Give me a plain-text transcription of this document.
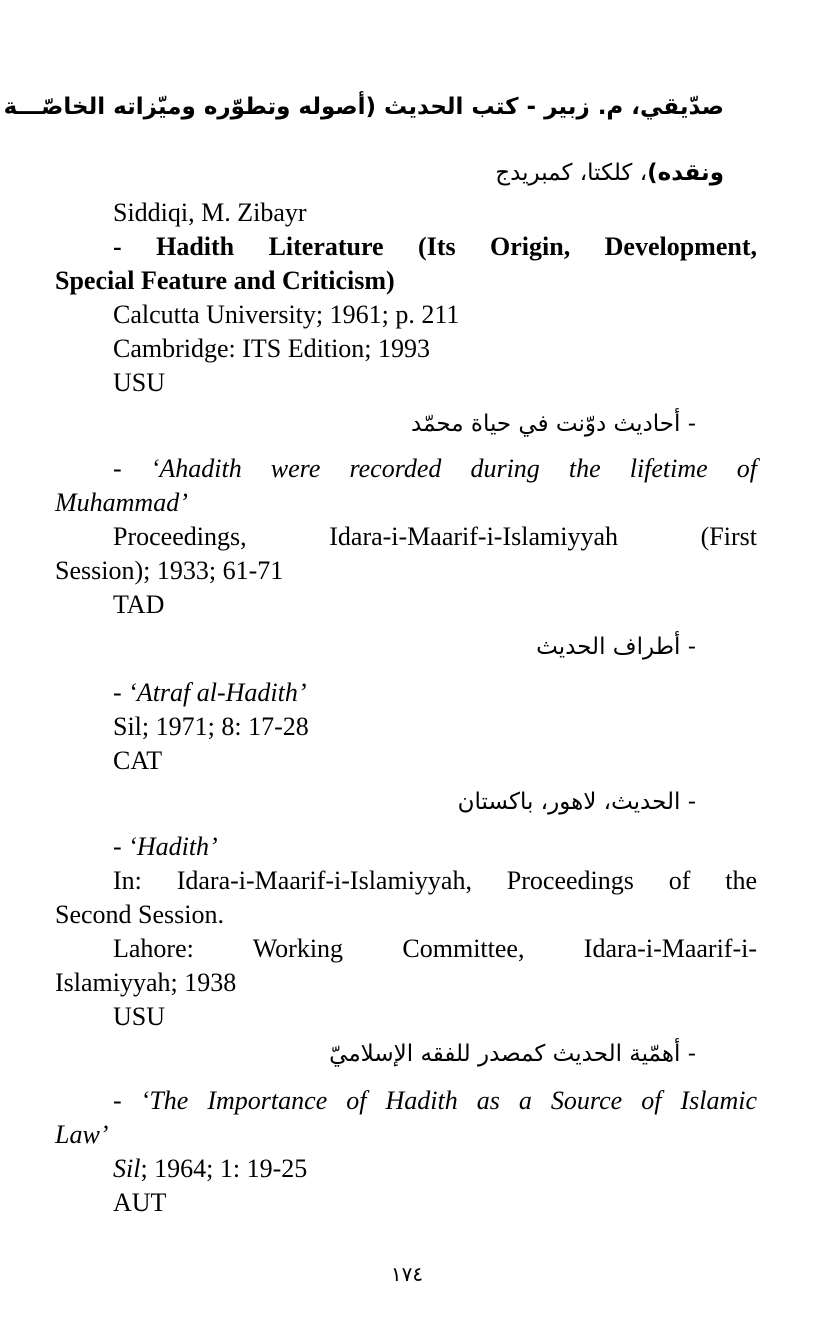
صدّيقي، م. زبير - كتب الحديث (أصوله وتطوّره وميّزاته الخاصّـــة
ونقده)، كلكتا، كمبريدج
Siddiqi, M. Zibayr
- Hadith Literature (Its Origin, Development,
Special Feature and Criticism)
Calcutta University; 1961; p. 211
Cambridge: ITS Edition; 1993
USU
- أحاديث دوّنت في حياة محمّد
- ‘Ahadith were recorded during the lifetime of
Muhammad’
Proceedings, Idara-i-Maarif-i-Islamiyyah (First
Session); 1933; 61-71
TAD
- أطراف الحديث
- ‘Atraf al-Hadith’
Sil; 1971; 8: 17-28
CAT
- الحديث، لاهور، باكستان
- ‘Hadith’
In: Idara-i-Maarif-i-Islamiyyah, Proceedings of the
Second Session.
Lahore: Working Committee, Idara-i-Maarif-i-
Islamiyyah; 1938
USU
- أهمّية الحديث كمصدر للفقه الإسلاميّ
- ‘The Importance of Hadith as a Source of Islamic
Law’
Sil; 1964; 1: 19-25
AUT
١٧٤
